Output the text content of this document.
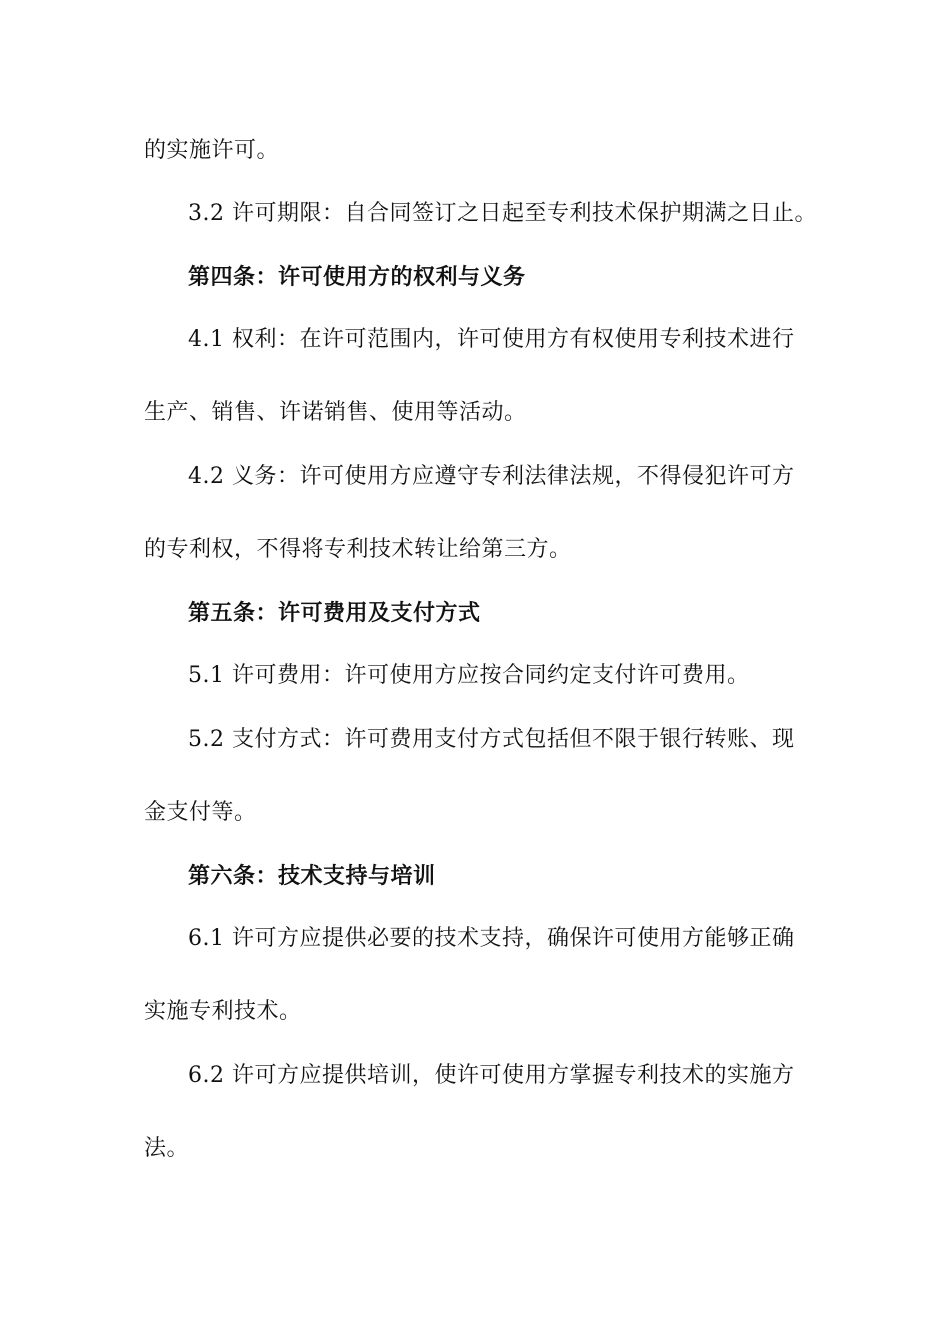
的实施许可。
3.2 许可期限：自合同签订之日起至专利技术保护期满之日止。
第四条：许可使用方的权利与义务
4.1 权利：在许可范围内，许可使用方有权使用专利技术进行
生产、销售、许诺销售、使用等活动。
4.2 义务：许可使用方应遵守专利法律法规，不得侵犯许可方
的专利权，不得将专利技术转让给第三方。
第五条：许可费用及支付方式
5.1 许可费用：许可使用方应按合同约定支付许可费用。
5.2 支付方式：许可费用支付方式包括但不限于银行转账、现
金支付等。
第六条：技术支持与培训
6.1 许可方应提供必要的技术支持，确保许可使用方能够正确
实施专利技术。
6.2 许可方应提供培训，使许可使用方掌握专利技术的实施方
法。
